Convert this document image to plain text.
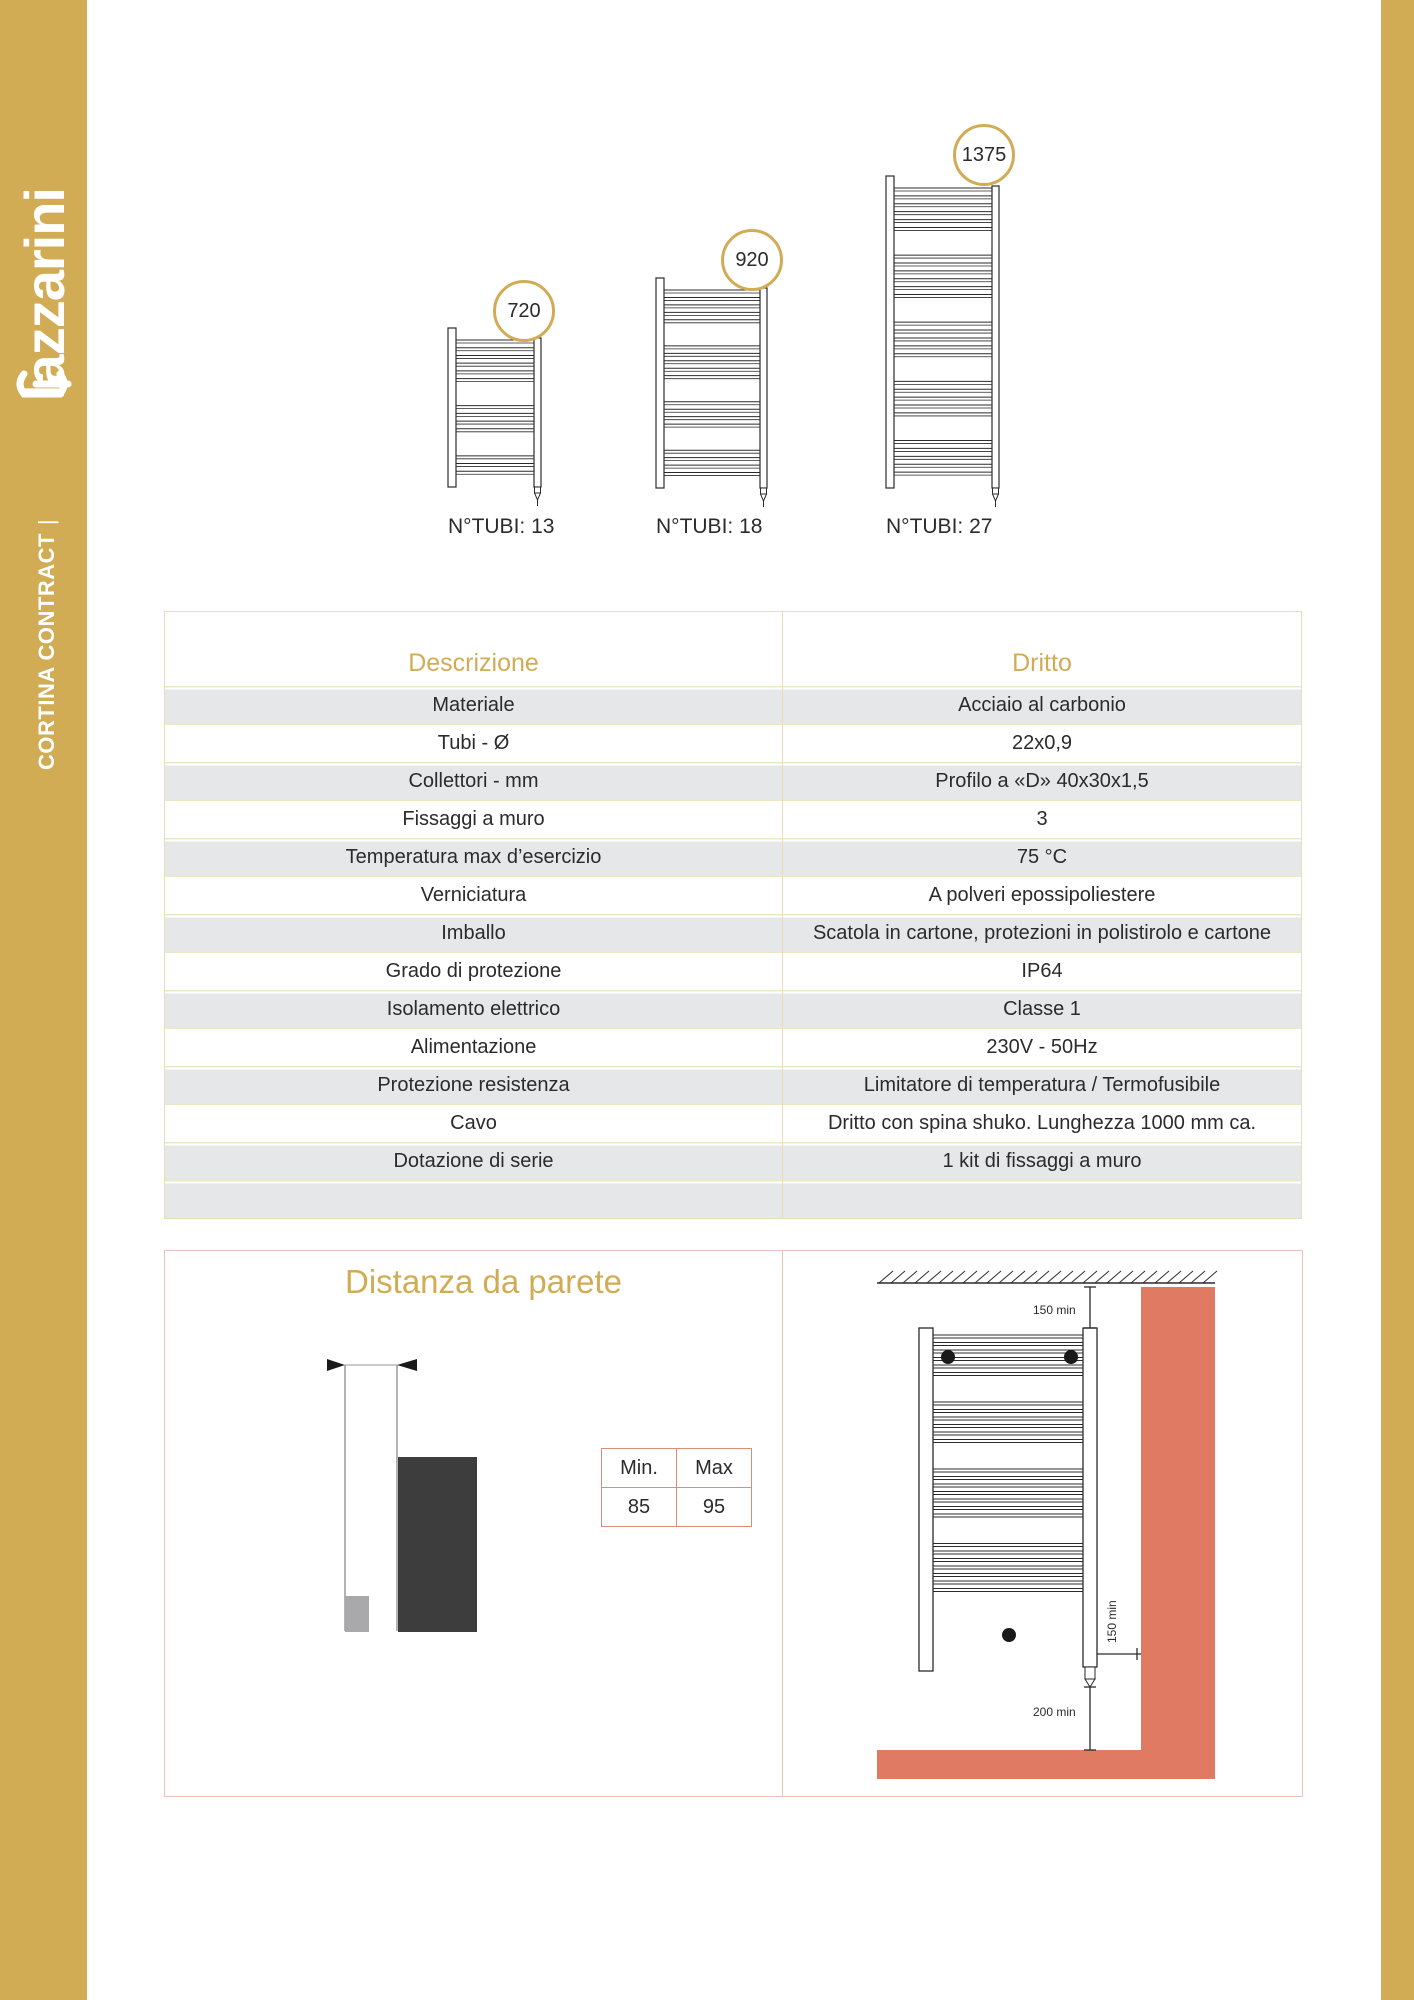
lazzarini
CORTINA CONTRACT|
720
920
1375
N°TUBI: 13	N°TUBI: 18	N°TUBI: 27
Descrizione	Dritto
Materiale	Acciaio al carbonio
Tubi - Ø	22x0,9
Collettori - mm	Profilo a «D» 40x30x1,5
Fissaggi a muro	3
Temperatura max d’esercizio	75 °C
Verniciatura	A polveri epossipoliestere
Imballo	Scatola in cartone, protezioni in polistirolo e cartone
Grado di protezione	IP64
Isolamento elettrico	Classe 1
Alimentazione	230V - 50Hz
Protezione resistenza	Limitatore di temperatura / Termofusibile
Cavo	Dritto con spina shuko. Lunghezza 1000 mm ca.
Dotazione di serie	1 kit di fissaggi a muro

Distanza da parete
150 min
150 min
200 min
Min.	Max
85	95
